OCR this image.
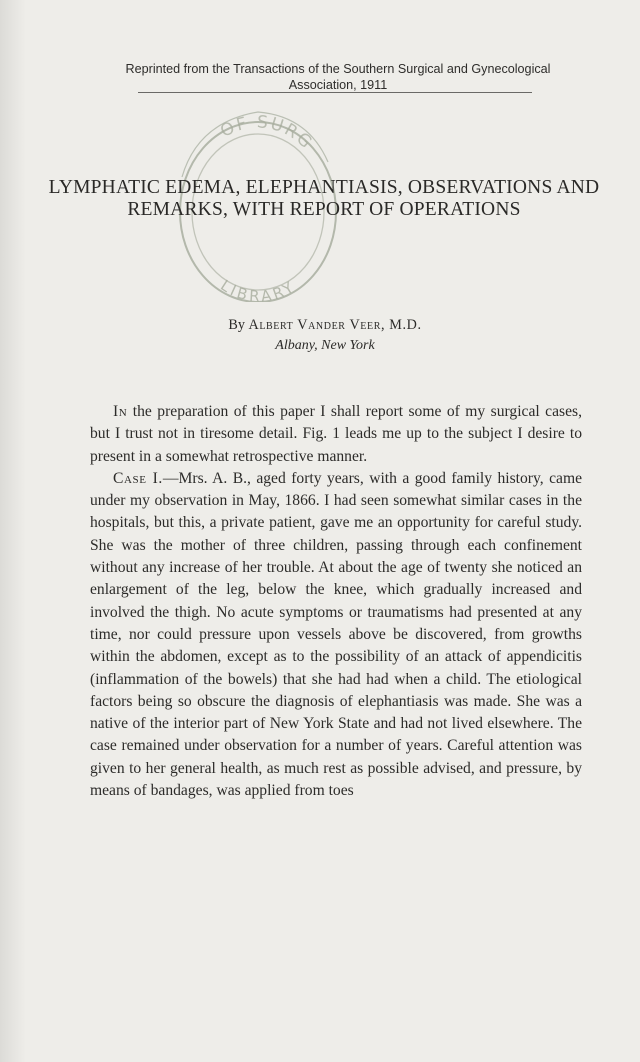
Reprinted from the Transactions of the Southern Surgical and Gynecological
Association, 1911
OF SURG
LIBRARY
LYMPHATIC EDEMA, ELEPHANTIASIS, OBSERVATIONS AND REMARKS, WITH REPORT OF OPERATIONS
By Albert Vander Veer, M.D.
Albany, New York

In the preparation of this paper I shall report some of my surgical cases, but I trust not in tiresome detail. Fig. 1 leads me up to the subject I desire to present in a somewhat retrospective manner.

Case I.—Mrs. A. B., aged forty years, with a good family history, came under my observation in May, 1866. I had seen somewhat similar cases in the hospitals, but this, a private patient, gave me an opportunity for careful study. She was the mother of three children, passing through each confinement without any increase of her trouble. At about the age of twenty she noticed an enlargement of the leg, below the knee, which gradually increased and involved the thigh. No acute symptoms or traumatisms had presented at any time, nor could pressure upon vessels above be discovered, from growths within the abdomen, except as to the possibility of an attack of appendicitis (inflammation of the bowels) that she had had when a child. The etiological factors being so obscure the diagnosis of elephantiasis was made. She was a native of the interior part of New York State and had not lived elsewhere. The case remained under observation for a number of years. Careful attention was given to her general health, as much rest as possible advised, and pressure, by means of bandages, was applied from toes
